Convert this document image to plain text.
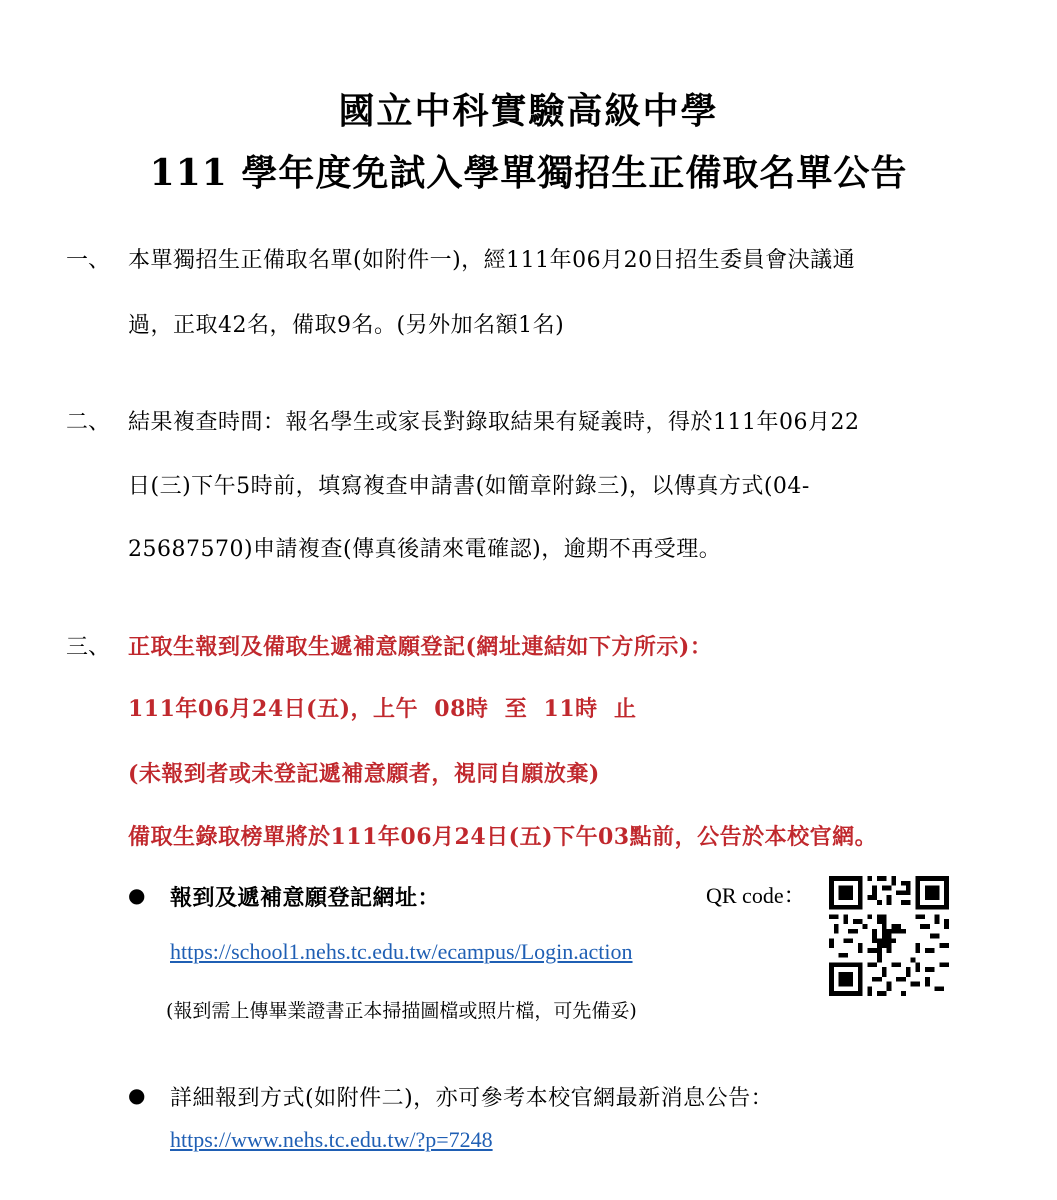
國立中科實驗高級中學
111 學年度免試入學單獨招生正備取名單公告
一、 本單獨招生正備取名單(如附件一)，經111年06月20日招生委員會決議通
過，正取42名，備取9名。(另外加名額1名)
二、 結果複查時間：報名學生或家長對錄取結果有疑義時，得於111年06月22
日(三)下午5時前，填寫複查申請書(如簡章附錄三)，以傳真方式(04-
25687570)申請複查(傳真後請來電確認)，逾期不再受理。
三、 正取生報到及備取生遞補意願登記(網址連結如下方所示)：
111年06月24日(五)，上午  08時  至  11時  止
(未報到者或未登記遞補意願者，視同自願放棄)
備取生錄取榜單將於111年06月24日(五)下午03點前，公告於本校官網。
● 報到及遞補意願登記網址：
https://school1.nehs.tc.edu.tw/ecampus/Login.action
(報到需上傳畢業證書正本掃描圖檔或照片檔，可先備妥)
QR code：
● 詳細報到方式(如附件二)，亦可參考本校官網最新消息公告：
https://www.nehs.tc.edu.tw/?p=7248
